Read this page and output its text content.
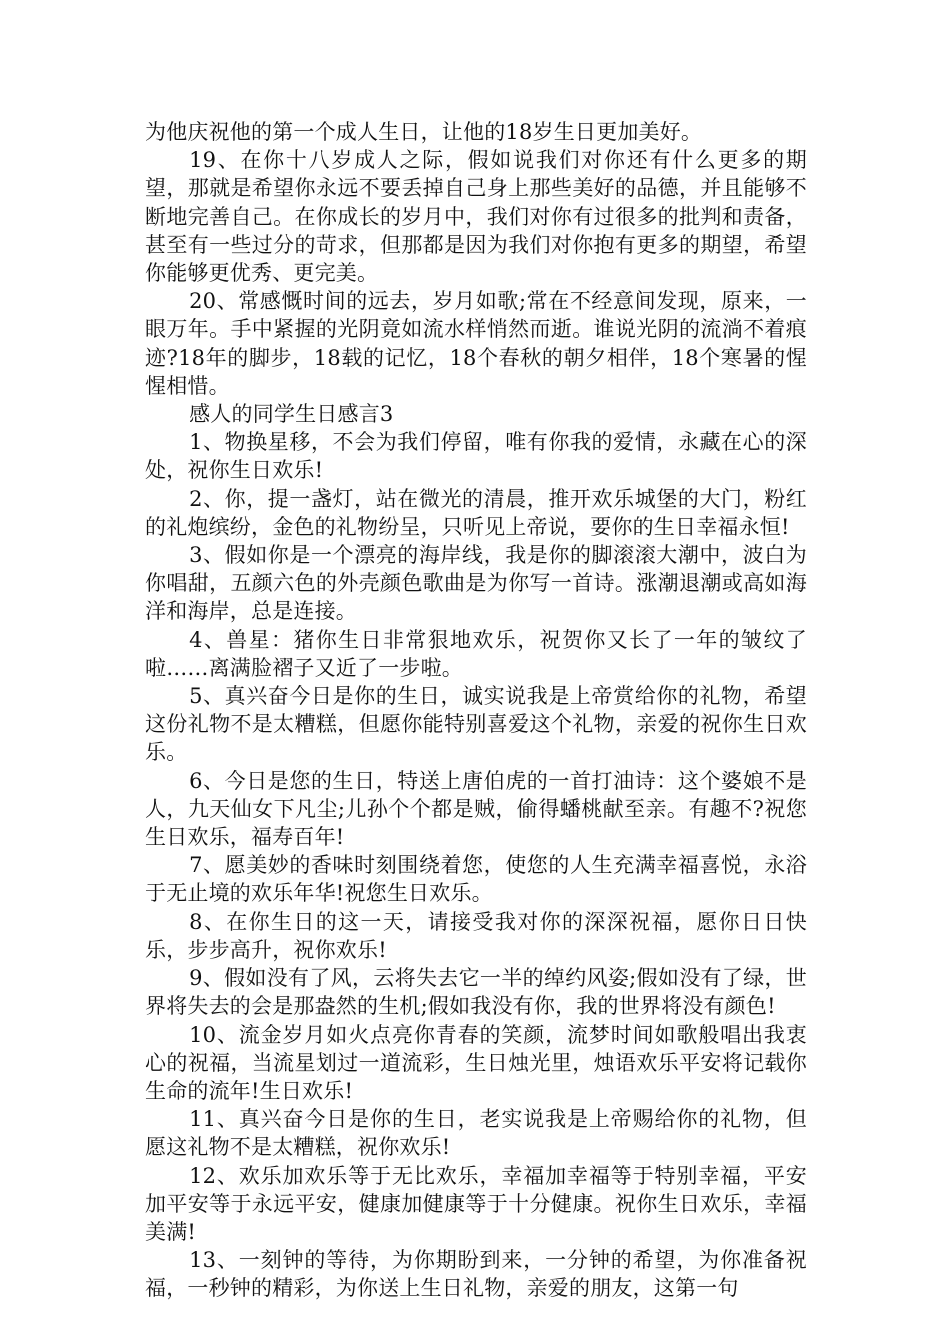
为他庆祝他的第一个成人生日，让他的18岁生日更加美好。

19、在你十八岁成人之际，假如说我们对你还有什么更多的期望，那就是希望你永远不要丢掉自己身上那些美好的品德，并且能够不断地完善自己。在你成长的岁月中，我们对你有过很多的批判和责备，甚至有一些过分的苛求，但那都是因为我们对你抱有更多的期望，希望你能够更优秀、更完美。

20、常感慨时间的远去，岁月如歌;常在不经意间发现，原来，一眼万年。手中紧握的光阴竟如流水样悄然而逝。谁说光阴的流淌不着痕迹?18年的脚步，18载的记忆，18个春秋的朝夕相伴，18个寒暑的惺惺相惜。

感人的同学生日感言3

1、物换星移，不会为我们停留，唯有你我的爱情，永藏在心的深处，祝你生日欢乐!

2、你，提一盏灯，站在微光的清晨，推开欢乐城堡的大门，粉红的礼炮缤纷，金色的礼物纷呈，只听见上帝说，要你的生日幸福永恒!

3、假如你是一个漂亮的海岸线，我是你的脚滚滚大潮中，波白为你唱甜，五颜六色的外壳颜色歌曲是为你写一首诗。涨潮退潮或高如海洋和海岸，总是连接。

4、兽星：猪你生日非常狠地欢乐，祝贺你又长了一年的皱纹了啦……离满脸褶子又近了一步啦。

5、真兴奋今日是你的生日，诚实说我是上帝赏给你的礼物，希望这份礼物不是太糟糕，但愿你能特别喜爱这个礼物，亲爱的祝你生日欢乐。

6、今日是您的生日，特送上唐伯虎的一首打油诗：这个婆娘不是人，九天仙女下凡尘;儿孙个个都是贼，偷得蟠桃献至亲。有趣不?祝您生日欢乐，福寿百年!

7、愿美妙的香味时刻围绕着您，使您的人生充满幸福喜悦，永浴于无止境的欢乐年华!祝您生日欢乐。

8、在你生日的这一天，请接受我对你的深深祝福，愿你日日快乐，步步高升，祝你欢乐!

9、假如没有了风，云将失去它一半的绰约风姿;假如没有了绿，世界将失去的会是那盎然的生机;假如我没有你，我的世界将没有颜色!

10、流金岁月如火点亮你青春的笑颜，流梦时间如歌般唱出我衷心的祝福，当流星划过一道流彩，生日烛光里，烛语欢乐平安将记载你生命的流年!生日欢乐!

11、真兴奋今日是你的生日，老实说我是上帝赐给你的礼物，但愿这礼物不是太糟糕，祝你欢乐!

12、欢乐加欢乐等于无比欢乐，幸福加幸福等于特别幸福，平安加平安等于永远平安，健康加健康等于十分健康。祝你生日欢乐，幸福美满!

13、一刻钟的等待，为你期盼到来，一分钟的希望，为你准备祝福，一秒钟的精彩，为你送上生日礼物，亲爱的朋友，这第一句
